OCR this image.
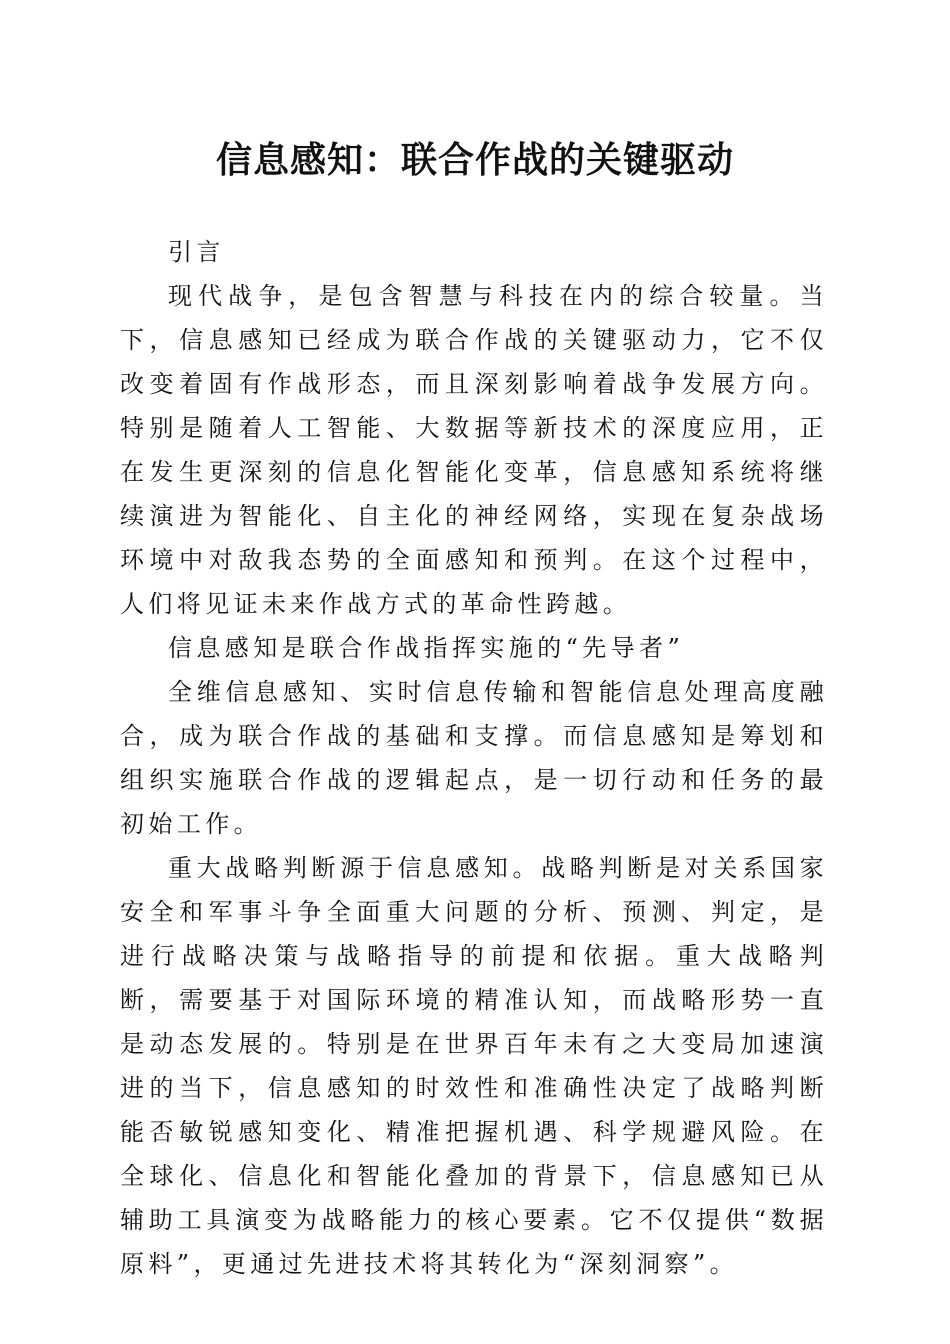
信息感知：联合作战的关键驱动

引言

现代战争，是包含智慧与科技在内的综合较量。当下，信息感知已经成为联合作战的关键驱动力，它不仅改变着固有作战形态，而且深刻影响着战争发展方向。特别是随着人工智能、大数据等新技术的深度应用，正在发生更深刻的信息化智能化变革，信息感知系统将继续演进为智能化、自主化的神经网络，实现在复杂战场环境中对敌我态势的全面感知和预判。在这个过程中，人们将见证未来作战方式的革命性跨越。

信息感知是联合作战指挥实施的“先导者”

全维信息感知、实时信息传输和智能信息处理高度融合，成为联合作战的基础和支撑。而信息感知是筹划和组织实施联合作战的逻辑起点，是一切行动和任务的最初始工作。

重大战略判断源于信息感知。战略判断是对关系国家安全和军事斗争全面重大问题的分析、预测、判定，是进行战略决策与战略指导的前提和依据。重大战略判断，需要基于对国际环境的精准认知，而战略形势一直是动态发展的。特别是在世界百年未有之大变局加速演进的当下，信息感知的时效性和准确性决定了战略判断能否敏锐感知变化、精准把握机遇、科学规避风险。在全球化、信息化和智能化叠加的背景下，信息感知已从辅助工具演变为战略能力的核心要素。它不仅提供“数据原料”，更通过先进技术将其转化为“深刻洞察”。
